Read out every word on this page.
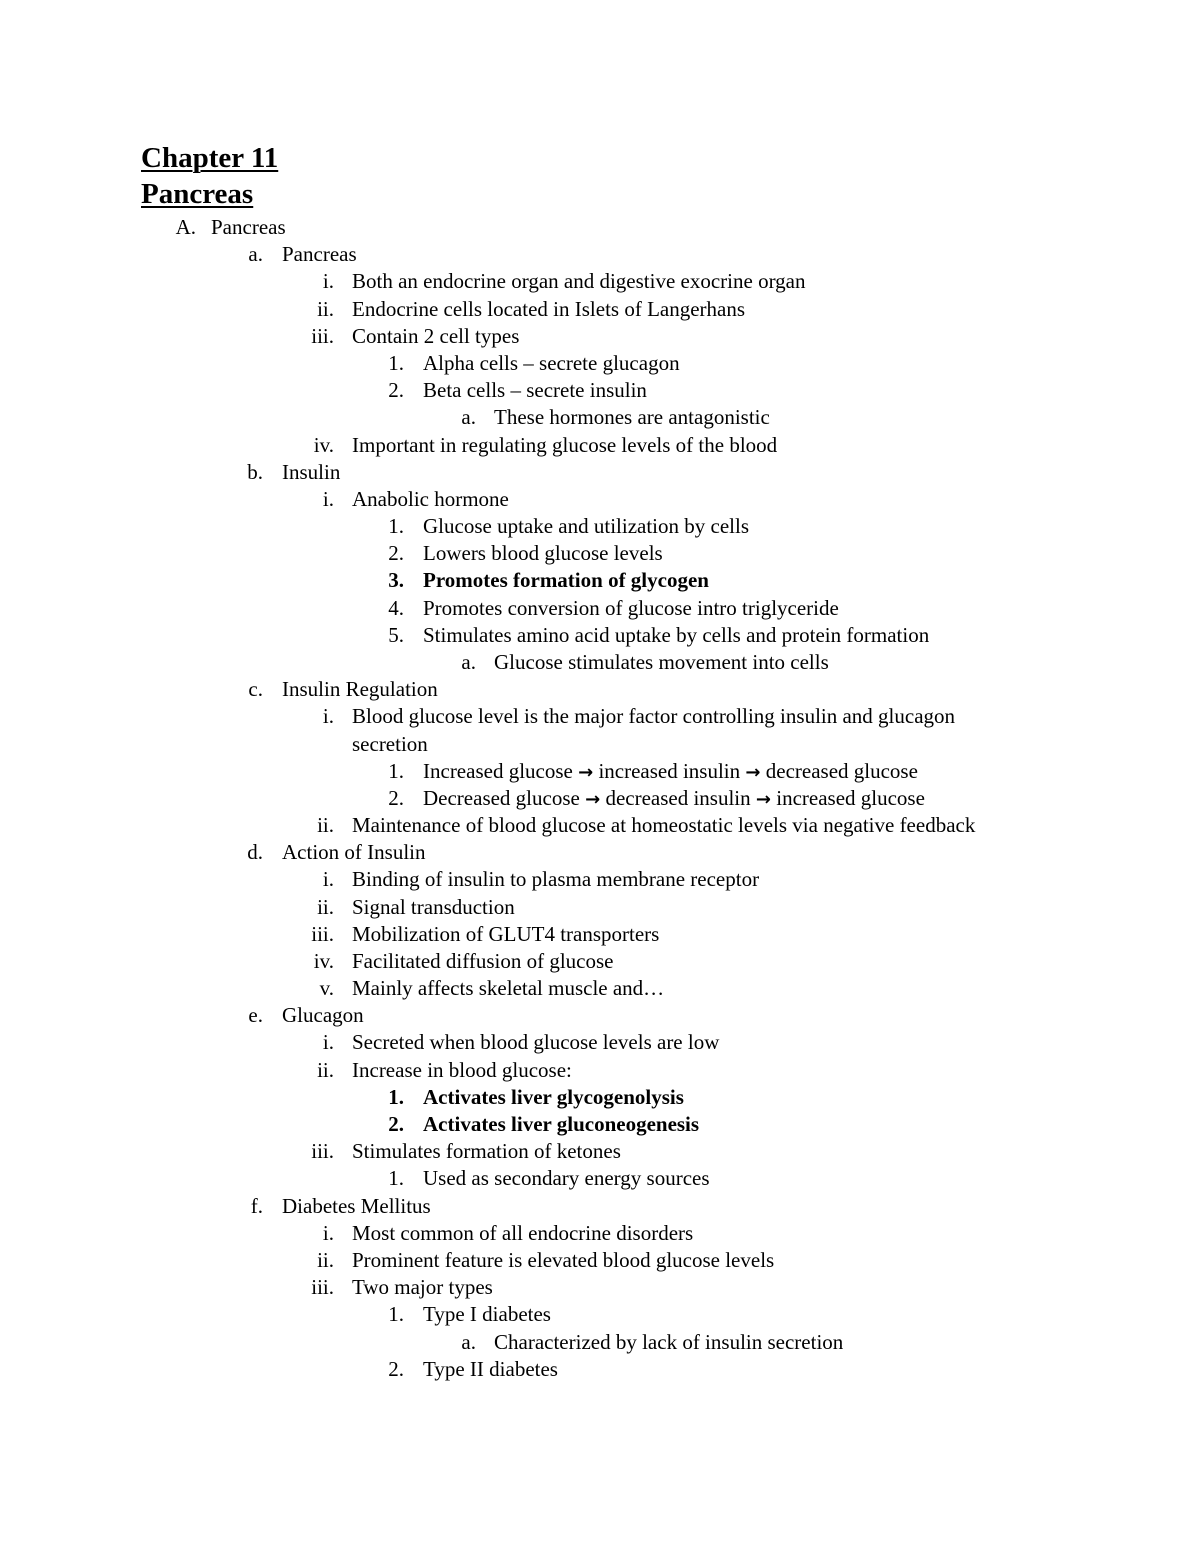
Chapter 11
Pancreas
A. Pancreas
a. Pancreas
i. Both an endocrine organ and digestive exocrine organ
ii. Endocrine cells located in Islets of Langerhans
iii. Contain 2 cell types
1. Alpha cells – secrete glucagon
2. Beta cells – secrete insulin
a. These hormones are antagonistic
iv. Important in regulating glucose levels of the blood
b. Insulin
i. Anabolic hormone
1. Glucose uptake and utilization by cells
2. Lowers blood glucose levels
3. Promotes formation of glycogen
4. Promotes conversion of glucose intro triglyceride
5. Stimulates amino acid uptake by cells and protein formation
a. Glucose stimulates movement into cells
c. Insulin Regulation
i. Blood glucose level is the major factor controlling insulin and glucagon
secretion
1. Increased glucose → increased insulin → decreased glucose
2. Decreased glucose → decreased insulin → increased glucose
ii. Maintenance of blood glucose at homeostatic levels via negative feedback
d. Action of Insulin
i. Binding of insulin to plasma membrane receptor
ii. Signal transduction
iii. Mobilization of GLUT4 transporters
iv. Facilitated diffusion of glucose
v. Mainly affects skeletal muscle and…
e. Glucagon
i. Secreted when blood glucose levels are low
ii. Increase in blood glucose:
1. Activates liver glycogenolysis
2. Activates liver gluconeogenesis
iii. Stimulates formation of ketones
1. Used as secondary energy sources
f. Diabetes Mellitus
i. Most common of all endocrine disorders
ii. Prominent feature is elevated blood glucose levels
iii. Two major types
1. Type I diabetes
a. Characterized by lack of insulin secretion
2. Type II diabetes
